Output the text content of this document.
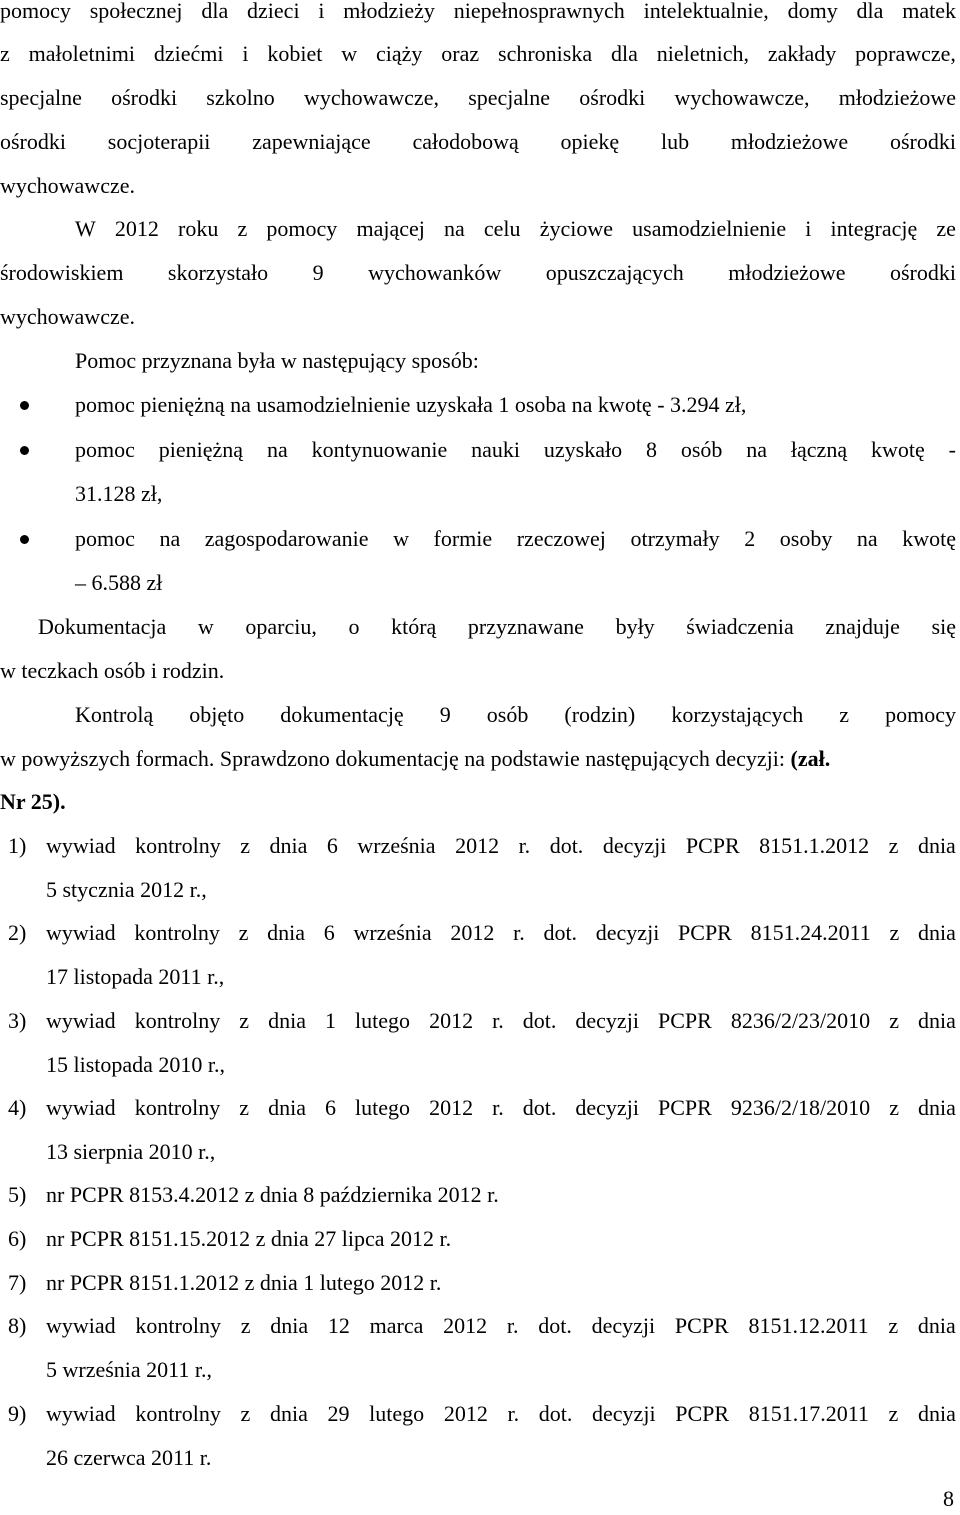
pomocy społecznej dla dzieci i młodzieży niepełnosprawnych intelektualnie, domy dla matek
z małoletnimi dziećmi i kobiet w ciąży oraz schroniska dla nieletnich, zakłady poprawcze,
specjalne ośrodki szkolno wychowawcze, specjalne ośrodki wychowawcze, młodzieżowe
ośrodki socjoterapii zapewniające całodobową opiekę lub młodzieżowe ośrodki
wychowawcze.
W 2012 roku z pomocy mającej na celu życiowe usamodzielnienie i integrację ze
środowiskiem skorzystało 9 wychowanków opuszczających młodzieżowe ośrodki
wychowawcze.
Pomoc przyznana była w następujący sposób:
pomoc pieniężną na usamodzielnienie uzyskała 1 osoba na kwotę - 3.294 zł,
pomoc pieniężną na kontynuowanie nauki uzyskało 8 osób na łączną kwotę -
31.128 zł,
pomoc na zagospodarowanie w formie rzeczowej otrzymały 2 osoby na kwotę
– 6.588 zł
Dokumentacja w oparciu, o którą przyznawane były świadczenia znajduje się
w teczkach osób i rodzin.
Kontrolą objęto dokumentację 9 osób (rodzin) korzystających z pomocy
w powyższych formach. Sprawdzono dokumentację na podstawie następujących decyzji: (zał.
Nr 25).
1) wywiad kontrolny z dnia 6 września 2012 r. dot. decyzji PCPR 8151.1.2012 z dnia
5 stycznia 2012 r.,
2) wywiad kontrolny z dnia 6 września 2012 r. dot. decyzji PCPR 8151.24.2011 z dnia
17 listopada 2011 r.,
3) wywiad kontrolny z dnia 1 lutego 2012 r. dot. decyzji PCPR 8236/2/23/2010 z dnia
15 listopada 2010 r.,
4) wywiad kontrolny z dnia 6 lutego 2012 r. dot. decyzji PCPR 9236/2/18/2010 z dnia
13 sierpnia 2010 r.,
5) nr PCPR 8153.4.2012 z dnia 8 października 2012 r.
6) nr PCPR 8151.15.2012 z dnia 27 lipca 2012 r.
7) nr PCPR 8151.1.2012 z dnia 1 lutego 2012 r.
8) wywiad kontrolny z dnia 12 marca 2012 r. dot. decyzji PCPR 8151.12.2011 z dnia
5 września 2011 r.,
9) wywiad kontrolny z dnia 29 lutego 2012 r. dot. decyzji PCPR 8151.17.2011 z dnia
26 czerwca 2011 r.
8
